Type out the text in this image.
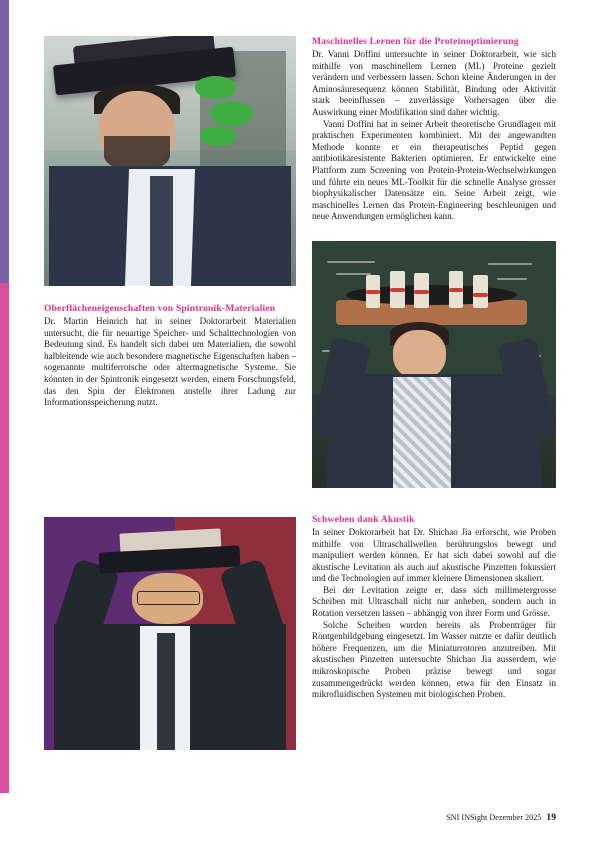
Oberflächeneigenschaften von Spintronik-Materialien

Dr. Martin Heinrich hat in seiner Doktorarbeit Materialien untersucht, die für neuartige Speicher- und Schalttechnologien von Bedeutung sind. Es handelt sich dabei um Materialien, die sowohl halbleitende wie auch besondere magnetische Eigenschaften haben – sogenannte multiferroische oder altermagnetische Systeme. Sie könnten in der Spintronik eingesetzt werden, einem Forschungsfeld, das den Spin der Elektronen anstelle ihrer Ladung zur Informationsspeicherung nutzt.

Maschinelles Lernen für die Proteinoptimierung

Dr. Vanni Doffini untersuchte in seiner Doktorarbeit, wie sich mithilfe von maschinellem Lernen (ML) Proteine gezielt verändern und verbessern lassen. Schon kleine Änderungen in der Aminosäuresequenz können Stabilität, Bindung oder Aktivität stark beeinflussen – zuverlässige Vorhersagen über die Auswirkung einer Modifikation sind daher wichtig.

Vanni Doffini hat in seiner Arbeit theoretische Grundlagen mit praktischen Experimenten kombiniert. Mit der angewandten Methode konnte er ein therapeutisches Peptid gegen antibiotikaresistente Bakterien optimieren. Er entwickelte eine Plattform zum Screening von Protein-Protein-Wechselwirkungen und führte ein neues ML-Toolkit für die schnelle Analyse grosser biophysikalischer Datensätze ein. Seine Arbeit zeigt, wie maschinelles Lernen das Protein-Engineering beschleunigen und neue Anwendungen ermöglichen kann.

Schweben dank Akustik

In seiner Doktorarbeit hat Dr. Shichao Jia erforscht, wie Proben mithilfe von Ultraschallwellen berührungslos bewegt und manipuliert werden können. Er hat sich dabei sowohl auf die akustische Levitation als auch auf akustische Pinzetten fokussiert und die Technologien auf immer kleinere Dimensionen skaliert.

Bei der Levitation zeigte er, dass sich millimetergrosse Scheiben mit Ultraschall nicht nur anheben, sondern auch in Rotation versetzen lassen – abhängig von ihrer Form und Grösse.

Solche Scheiben wurden bereits als Probenträger für Röntgenbildgebung eingesetzt. Im Wasser nutzte er dafür deutlich höhere Frequenzen, um die Miniaturrotoren anzutreiben. Mit akustischen Pinzetten untersuchte Shichao Jia ausserdem, wie mikroskopische Proben präzise bewegt und sogar zusammengedrückt werden können, etwa für den Einsatz in mikrofluidischen Systemen mit biologischen Proben.

SNI INSight Dezember 2025 19
